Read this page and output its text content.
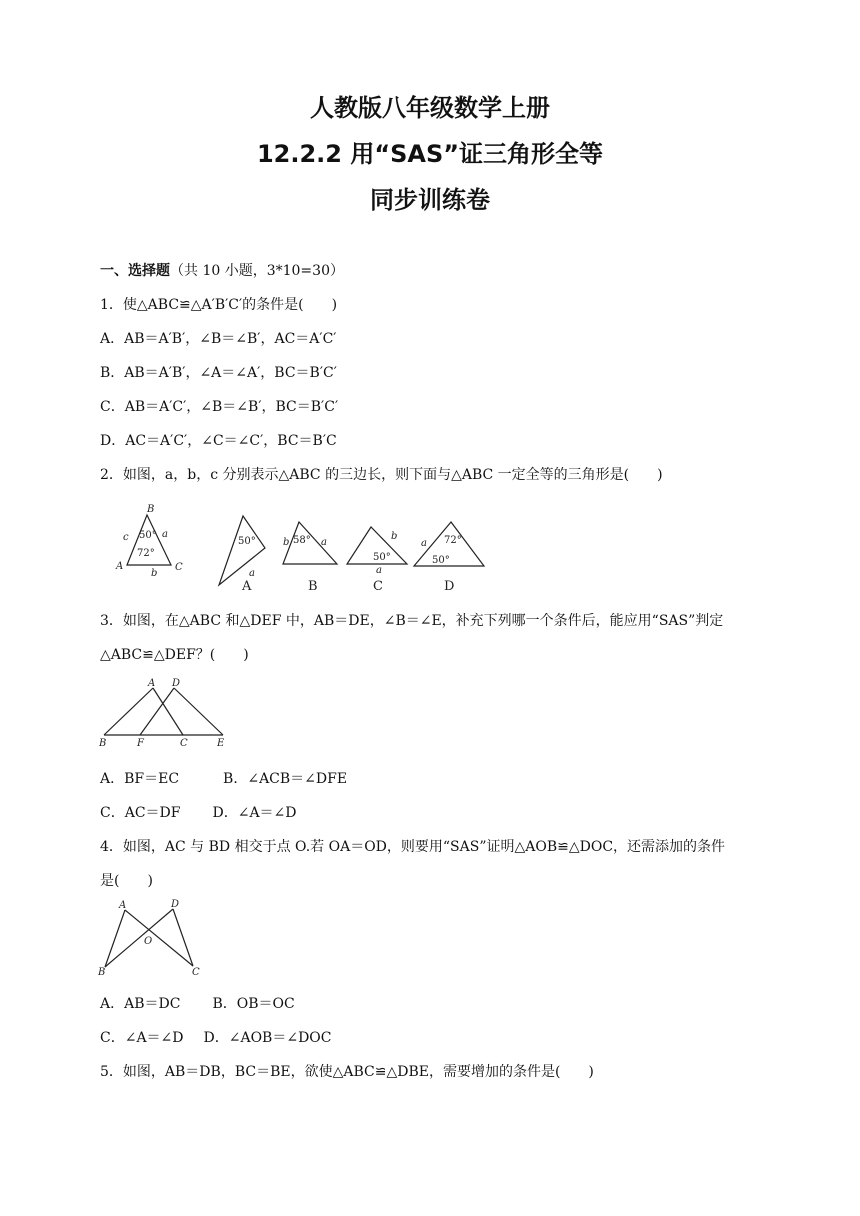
人教版八年级数学上册
12.2.2 用“SAS”证三角形全等
同步训练卷
一、选择题（共 10 小题，3*10=30）
1．使△ABC≌△A′B′C′的条件是(　　)
A．AB＝A′B′，∠B＝∠B′，AC＝A′C′
B．AB＝A′B′，∠A＝∠A′，BC＝B′C′
C．AB＝A′C′，∠B＝∠B′，BC＝B′C′
D．AC＝A′C′，∠C＝∠C′，BC＝B′C
2．如图，a，b，c 分别表示△ABC 的三边长，则下面与△ABC 一定全等的三角形是(　　)
B
c	a
50°
72°
A
b
C
50°
a
b 58° a
b
50°
a
a 72°
50°
A	B	C	D
A D
B	F	C	E
A	D
O
B	C
3．如图，在△ABC 和△DEF 中，AB＝DE，∠B＝∠E，补充下列哪一个条件后，能应用“SAS”判定
△ABC≌△DEF？(　　)
A．BF＝EC	B．∠ACB＝∠DFE
C．AC＝DF D．∠A＝∠D
4．如图，AC 与 BD 相交于点 O.若 OA＝OD，则要用“SAS”证明△AOB≌△DOC，还需添加的条件
是(　　)
A．AB＝DC B．OB＝OC
C．∠A＝∠D D．∠AOB＝∠DOC
5．如图，AB＝DB，BC＝BE，欲使△ABC≌△DBE，需要增加的条件是(　　)
